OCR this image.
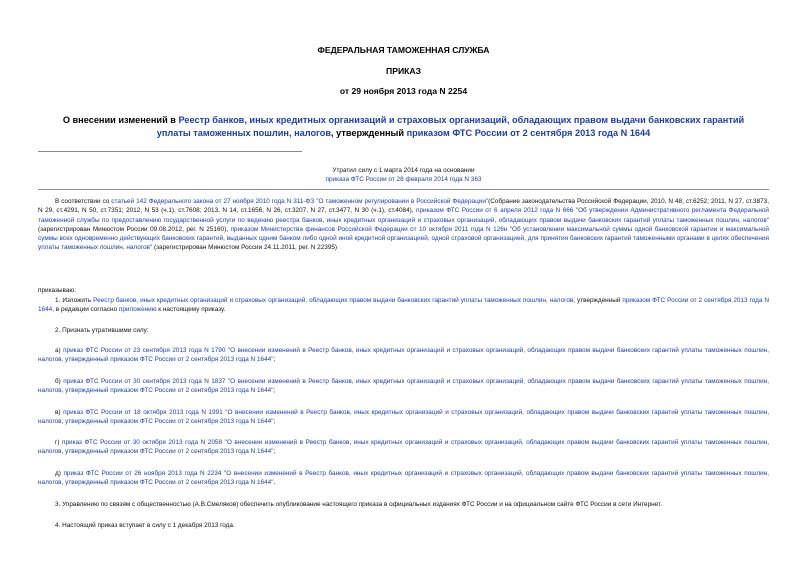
ФЕДЕРАЛЬНАЯ ТАМОЖЕННАЯ СЛУЖБА
ПРИКАЗ
от 29 ноября 2013 года N 2254
О внесении изменений в Реестр банков, иных кредитных организаций и страховых организаций, обладающих правом выдачи банковских гарантий уплаты таможенных пошлин, налогов, утвержденный приказом ФТС России от 2 сентября 2013 года N 1644
Утратил силу с 1 марта 2014 года на основании
приказа ФТС России от 28 февраля 2014 года N 363
В соответствии со статьей 142 Федерального закона от 27 ноября 2010 года N 311-ФЗ "О таможенном регулировании в Российской Федерации"(Собрание законодательства Российской Федерации, 2010, N 48, ст.6252; 2011, N 27, ст.3873, N 29, ст.4291, N 50, ст.7351; 2012, N 53 (ч.1), ст.7608; 2013, N 14, ст.1656, N 26, ст.3207, N 27, ст.3477, N 30 (ч.1), ст.4084), приказом ФТС России от 6 апреля 2012 года N 666 "Об утверждении Административного регламента Федеральной таможенной службы по предоставлению государственной услуги по ведению реестра банков, иных кредитных организаций и страховых организаций, обладающих правом выдачи банковских гарантий уплаты таможенных пошлин, налогов" (зарегистрирован Минюстом России 09.08.2012, рег. N 25160), приказом Министерства финансов Российской Федерации от 10 октября 2011 года N 126н "Об установлении максимальной суммы одной банковской гарантии и максимальной суммы всех одновременно действующих банковских гарантий, выданных одним банком либо одной иной кредитной организацией, одной страховой организацией, для принятия банковских гарантий таможенными органами в целях обеспечения уплаты таможенных пошлин, налогов" (зарегистрирован Минюстом России 24.11.2011, рег. N 22395)
приказываю:
1. Изложить Реестр банков, иных кредитных организаций и страховых организаций, обладающих правом выдачи банковских гарантий уплаты таможенных пошлин, налогов, утвержденный приказом ФТС России от 2 сентября 2013 года N 1644, в редакции согласно приложению к настоящему приказу.
2. Признать утратившими силу:
а) приказ ФТС России от 23 сентября 2013 года N 1790 "О внесении изменений в Реестр банков, иных кредитных организаций и страховых организаций, обладающих правом выдачи банковских гарантий уплаты таможенных пошлин, налогов, утвержденный приказом ФТС России от 2 сентября 2013 года N 1644";
б) приказ ФТС России от 30 сентября 2013 года N 1837 "О внесении изменений в Реестр банков, иных кредитных организаций и страховых организаций, обладающих правом выдачи банковских гарантий уплаты таможенных пошлин, налогов, утвержденный приказом ФТС России от 2 сентября 2013 года N 1644";
в) приказ ФТС России от 18 октября 2013 года N 1991 "О внесении изменений в Реестр банков, иных кредитных организаций и страховых организаций, обладающих правом выдачи банковских гарантий уплаты таможенных пошлин, налогов, утвержденный приказом ФТС России от 2 сентября 2013 года N 1644";
г) приказ ФТС России от 30 октября 2013 года N 2058 "О внесении изменений в Реестр банков, иных кредитных организаций и страховых организаций, обладающих правом выдачи банковских гарантий уплаты таможенных пошлин, налогов, утвержденный приказом ФТС России от 2 сентября 2013 года N 1644";
д) приказ ФТС России от 26 ноября 2013 года N 2234 "О внесении изменений в Реестр банков, иных кредитных организаций и страховых организаций, обладающих правом выдачи банковских гарантий уплаты таможенных пошлин, налогов, утвержденный приказом ФТС России от 2 сентября 2013 года N 1644".
3. Управлению по связям с общественностью (А.В.Смеляков) обеспечить опубликование настоящего приказа в официальных изданиях ФТС России и на официальном сайте ФТС России в сети Интернет.
4. Настоящий приказ вступает в силу с 1 декабря 2013 года.
